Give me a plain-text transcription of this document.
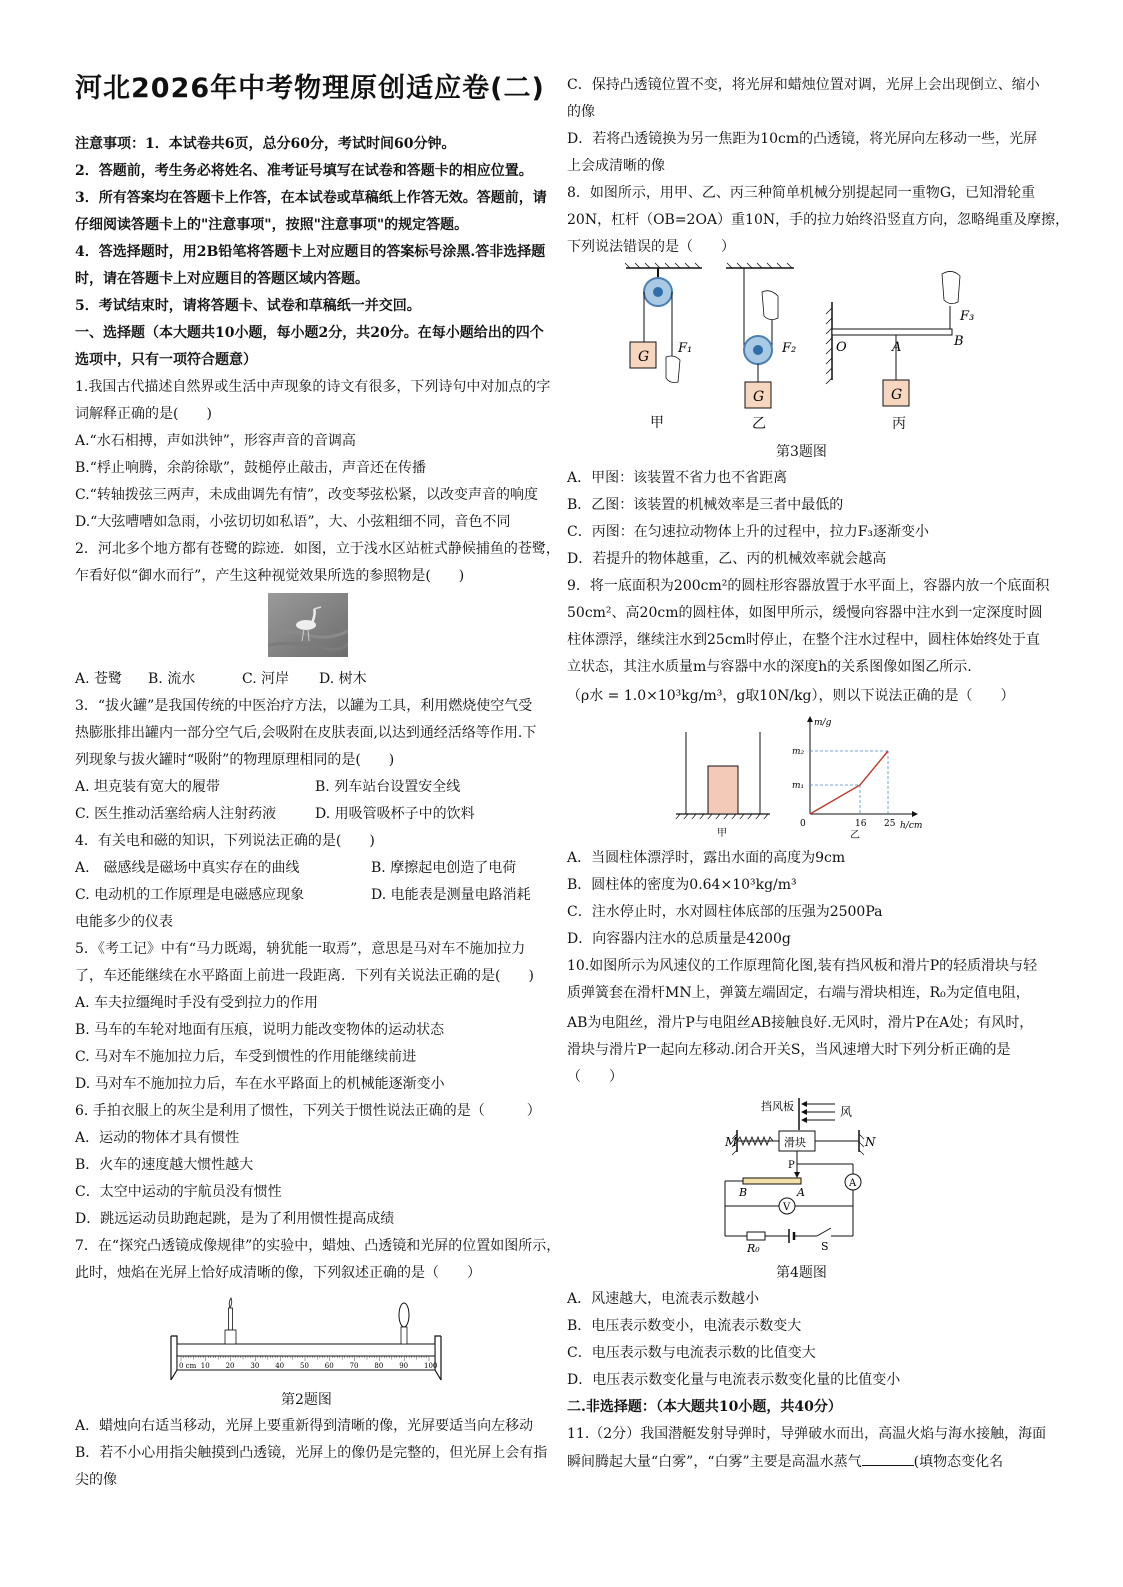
河北2026年中考物理原创适应卷(二)
注意事项：1．本试卷共6页，总分60分，考试时间60分钟。
2．答题前，考生务必将姓名、准考证号填写在试卷和答题卡的相应位置。
3．所有答案均在答题卡上作答，在本试卷或草稿纸上作答无效。答题前，请
仔细阅读答题卡上的"注意事项"，按照"注意事项"的规定答题。
4．答选择题时，用2B铅笔将答题卡上对应题目的答案标号涂黑.答非选择题
时，请在答题卡上对应题目的答题区域内答题。
5．考试结束时，请将答题卡、试卷和草稿纸一并交回。
一、选择题（本大题共10小题，每小题2分，共20分。在每小题给出的四个
选项中，只有一项符合题意）
1.我国古代描述自然界或生活中声现象的诗文有很多，下列诗句中对加点的字
词解释正确的是(　　)
A.“水石相搏，声如洪钟”，形容声音的音调高
B.“桴止响腾，余韵徐歇”，鼓槌停止敲击，声音还在传播
C.“转轴拨弦三两声，未成曲调先有情”，改变琴弦松紧，以改变声音的响度
D.“大弦嘈嘈如急雨，小弦切切如私语”，大、小弦粗细不同，音色不同
2．河北多个地方都有苍鹭的踪迹．如图，立于浅水区站桩式静候捕鱼的苍鹭，
乍看好似“御水而行”，产生这种视觉效果所选的参照物是(　　)
A. 苍鹭 B. 流水	C. 河岸 D. 树木
3．“拔火罐”是我国传统的中医治疗方法，以罐为工具，利用燃烧使空气受
热膨胀排出罐内一部分空气后,会吸附在皮肤表面,以达到通经活络等作用.下
列现象与拔火罐时“吸附”的物理原理相同的是(　　)
A. 坦克装有宽大的履带	B. 列车站台设置安全线
C. 医生推动活塞给病人注射药液	D. 用吸管吸杯子中的饮料
4．有关电和磁的知识，下列说法正确的是(　　)
A.　磁感线是磁场中真实存在的曲线	B. 摩擦起电创造了电荷
C. 电动机的工作原理是电磁感应现象	D. 电能表是测量电路消耗
电能多少的仪表
5．《考工记》中有“马力既竭，辀犹能一取焉”，意思是马对车不施加拉力
了，车还能继续在水平路面上前进一段距离．下列有关说法正确的是(　　)
A. 车夫拉缰绳时手没有受到拉力的作用
B. 马车的车轮对地面有压痕，说明力能改变物体的运动状态
C. 马对车不施加拉力后，车受到惯性的作用能继续前进
D. 马对车不施加拉力后，车在水平路面上的机械能逐渐变小
6. 手拍衣服上的灰尘是利用了惯性，下列关于惯性说法正确的是（　　　）
A．运动的物体才具有惯性
B．火车的速度越大惯性越大
C．太空中运动的宇航员没有惯性
D．跳远运动员助跑起跳，是为了利用惯性提高成绩
7．在“探究凸透镜成像规律”的实验中，蜡烛、凸透镜和光屏的位置如图所示，
此时，烛焰在光屏上恰好成清晰的像，下列叙述正确的是（　　）
0 cm 10 20 30 40 50 60 70 80 90 100
第2题图
A．蜡烛向右适当移动，光屏上要重新得到清晰的像，光屏要适当向左移动
B．若不小心用指尖触摸到凸透镜，光屏上的像仍是完整的，但光屏上会有指
尖的像
C．保持凸透镜位置不变，将光屏和蜡烛位置对调，光屏上会出现倒立、缩小
的像
D．若将凸透镜换为另一焦距为10cm的凸透镜，将光屏向左移动一些，光屏
上会成清晰的像
8．如图所示，用甲、乙、丙三种简单机械分别提起同一重物G，已知滑轮重
20N，杠杆（OB=2OA）重10N，手的拉力始终沿竖直方向，忽略绳重及摩擦，
下列说法错误的是（　　）
G
F₁
甲
F₂
G
乙
F₃
O	A	B
G
丙
第3题图
A．甲图：该装置不省力也不省距离
B．乙图：该装置的机械效率是三者中最低的
C．丙图：在匀速拉动物体上升的过程中，拉力F₃逐渐变小
D．若提升的物体越重，乙、丙的机械效率就会越高
9．将一底面积为200cm²的圆柱形容器放置于水平面上，容器内放一个底面积
50cm²、高20cm的圆柱体，如图甲所示，缓慢向容器中注水到一定深度时圆
柱体漂浮，继续注水到25cm时停止，在整个注水过程中，圆柱体始终处于直
立状态，其注水质量m与容器中水的深度h的关系图像如图乙所示.
（ρ水 = 1.0×10³kg/m³，g取10N/kg），则以下说法正确的是（　　）
甲
m/g
h/cm
0	16 25
m₂
m₁
乙
A．当圆柱体漂浮时，露出水面的高度为9cm
B．圆柱体的密度为0.64×10³kg/m³
C．注水停止时，水对圆柱体底部的压强为2500Pa
D．向容器内注水的总质量是4200g
10.如图所示为风速仪的工作原理简化图,装有挡风板和滑片P的轻质滑块与轻
质弹簧套在滑杆MN上，弹簧左端固定，右端与滑块相连，R₀为定值电阻，
AB为电阻丝，滑片P与电阻丝AB接触良好.无风时，滑片P在A处；有风时，
滑块与滑片P一起向左移动.闭合开关S，当风速增大时下列分析正确的是
（　　）
挡风板	风
M	N
滑块
P
B	A
A
V
R₀	S
第4题图
A．风速越大，电流表示数越小
B．电压表示数变小，电流表示数变大
C．电压表示数与电流表示数的比值变大
D．电压表示数变化量与电流表示数变化量的比值变小
二.非选择题：（本大题共10小题，共40分）
11.（2分）我国潜艇发射导弹时，导弹破水而出，高温火焰与海水接触，海面
瞬间腾起大量“白雾”，“白雾”主要是高温水蒸气	(填物态变化名
